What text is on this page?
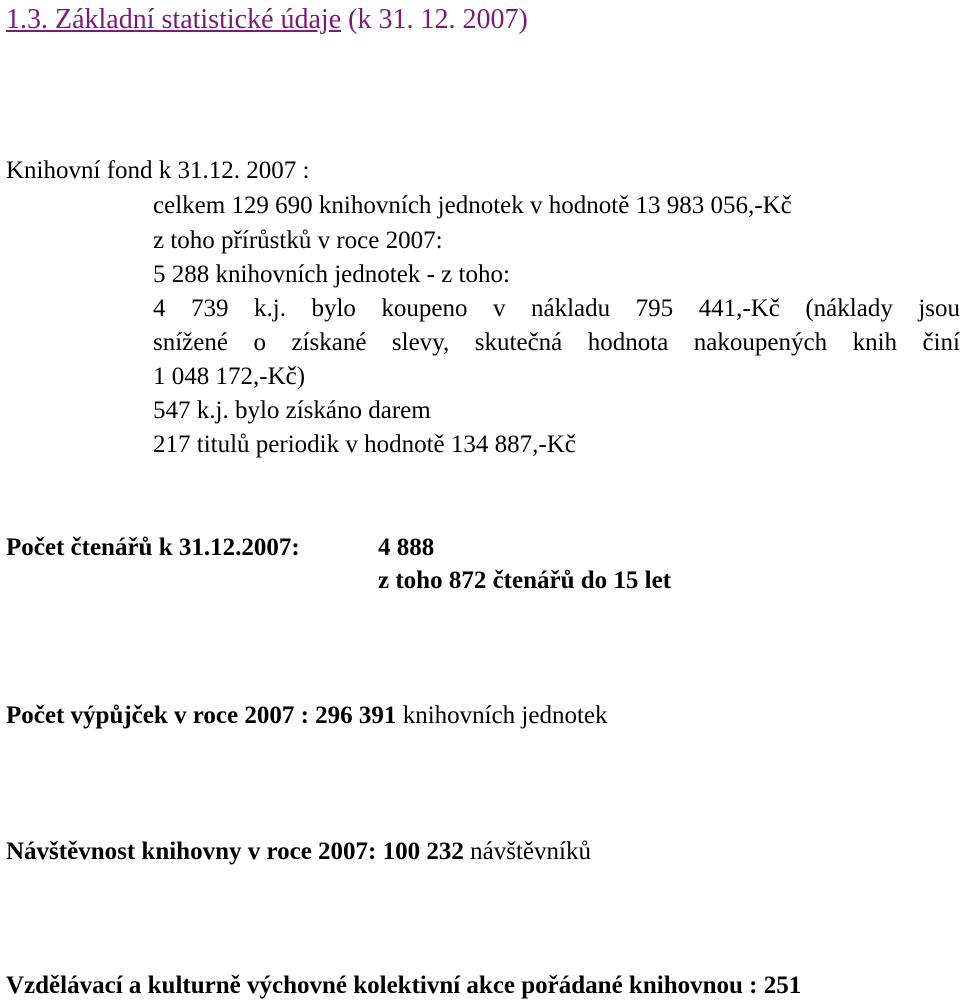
1.3. Základní statistické údaje (k 31. 12. 2007)
Knihovní fond k 31.12. 2007 :
celkem 129 690 knihovních jednotek v hodnotě 13 983 056,-Kč
z toho přírůstků v roce 2007:
5 288 knihovních jednotek - z toho:
4 739 k.j. bylo koupeno v nákladu 795 441,-Kč (náklady jsou
snížené o získané slevy, skutečná hodnota nakoupených knih činí
1 048 172,-Kč)
547 k.j. bylo získáno darem
217 titulů periodik v hodnotě 134 887,-Kč
Počet čtenářů k 31.12.2007:	4 888
z toho 872 čtenářů do 15 let
Počet výpůjček v roce 2007 : 296 391 knihovních jednotek
Návštěvnost knihovny v roce 2007: 100 232 návštěvníků
Vzdělávací a kulturně výchovné kolektivní akce pořádané knihovnou : 251
